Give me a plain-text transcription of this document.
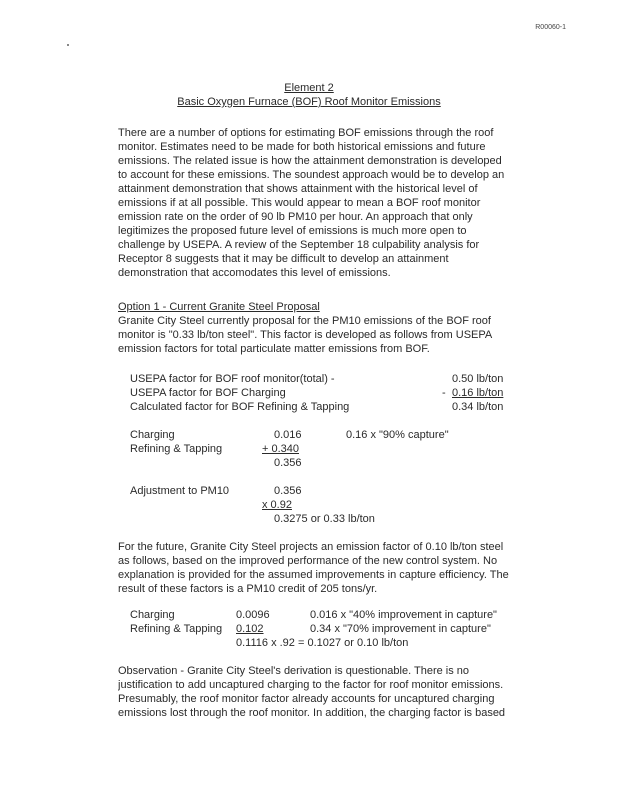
R00060-1
Element 2
Basic Oxygen Furnace (BOF) Roof Monitor Emissions
There are a number of options for estimating BOF emissions through the roof
monitor. Estimates need to be made for both historical emissions and future
emissions. The related issue is how the attainment demonstration is developed
to account for these emissions. The soundest approach would be to develop an
attainment demonstration that shows attainment with the historical level of
emissions if at all possible. This would appear to mean a BOF roof monitor
emission rate on the order of 90 lb PM10 per hour. An approach that only
legitimizes the proposed future level of emissions is much more open to
challenge by USEPA. A review of the September 18 culpability analysis for
Receptor 8 suggests that it may be difficult to develop an attainment
demonstration that accomodates this level of emissions.
Option 1 - Current Granite Steel Proposal
Granite City Steel currently proposal for the PM10 emissions of the BOF roof
monitor is "0.33 lb/ton steel". This factor is developed as follows from USEPA
emission factors for total particulate matter emissions from BOF.
USEPA factor for BOF roof monitor(total) -	0.50 lb/ton
USEPA factor for BOF Charging	- 0.16 lb/ton
Calculated factor for BOF Refining & Tapping	0.34 lb/ton
Charging	0.016	0.16 x "90% capture"
Refining & Tapping	+ 0.340
0.356
Adjustment to PM10	0.356
x 0.92
0.3275 or 0.33 lb/ton
For the future, Granite City Steel projects an emission factor of 0.10 lb/ton steel
as follows, based on the improved performance of the new control system. No
explanation is provided for the assumed improvements in capture efficiency. The
result of these factors is a PM10 credit of 205 tons/yr.
Charging	0.0096	0.016 x "40% improvement in capture"
Refining & Tapping 0.102	0.34 x "70% improvement in capture"
0.1116 x .92 = 0.1027 or 0.10 lb/ton
Observation - Granite City Steel's derivation is questionable. There is no
justification to add uncaptured charging to the factor for roof monitor emissions.
Presumably, the roof monitor factor already accounts for uncaptured charging
emissions lost through the roof monitor. In addition, the charging factor is based
